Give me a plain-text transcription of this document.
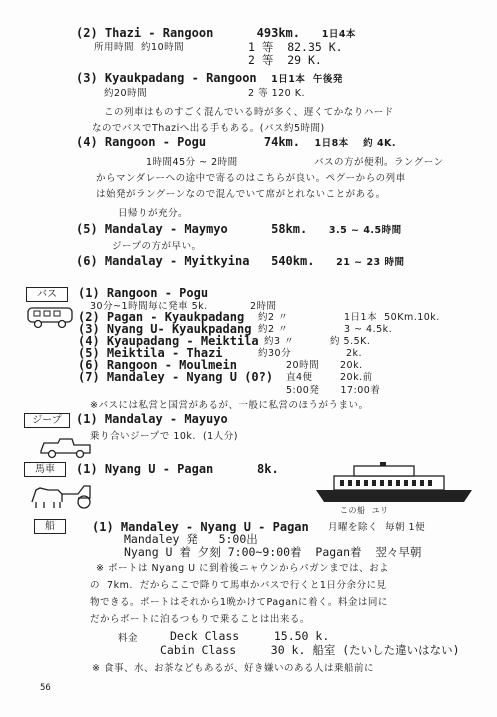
(2) Thazi - Rangoon	493km. 1日4本
所用時間  約10時間	1 等  82.35 K.
2 等  29 K.
(3) Kyaukpadang - Rangoon 1日1本  午後発
約20時間	2 等 120 K.
この列車はものすごく混んでいる時が多く、遅くてかなりハード
なのでバスでThaziへ出る手もある。(バス約5時間)
(4) Rangoon - Pogu	74km. 1日8本 約 4K.
1時間45分 ~ 2時間	バスの方が便利。ラングーン
からマンダレーへの途中で寄るのはこちらが良い。ペグーからの列車
は始発がラングーンなので混んでいて席がとれないことがある。
日帰りが充分。
(5) Mandalay - Maymyo	58km. 3.5 ~ 4.5時間
ジープの方が早い。
(6) Mandalay - Myitkyina 540km. 21 ~ 23 時間
バス	(1) Rangoon - Pogu
30分~1時間毎に発車 5k.	2時間
(2) Pagan - Kyaukpadang 約2 〃	1日1本  50Km.10k.
(3) Nyang U- Kyaukpadang 約2 〃	3 ~ 4.5k.
(4) Kyaupadang - Meiktila 約3 〃	約 5.5K.
(5) Meiktila - Thazi	約30分	2k.
(6) Rangoon - Moulmein	20時間 20k.
(7) Mandaley - Nyang U (0?) 直4便	20k.前
5:00発      17:00着
※バスには私営と国営があるが、一般に私営のほうがうまい。
ジープ	(1) Mandalay - Mayuyo
乗り合いジープで 10k.  (1人分)
馬車	(1) Nyang U - Pagan	8k.
この船  ユリ
船	(1) Mandaley - Nyang U - Pagan 月曜を除く  毎朝 1便
Mandaley 発   5:00出
Nyang U 着 夕刻 7:00~9:00着  Pagan着  翌々早朝
※ ボートは Nyang U に到着後ニャウンからパガンまでは、およ
の  7km.  だからここで降りて馬車かバスで行くと1日分余分に見
物できる。ボートはそれから1晩かけてPaganに着く。料金は同に
だからボートに泊るつもりで乗ることは出来る。
料金	Deck Class     15.50 k.
Cabin Class     30 k. 船室 (たいした違いはない)
※ 食事、水、お茶などもあるが、好き嫌いのある人は乗船前に
56
